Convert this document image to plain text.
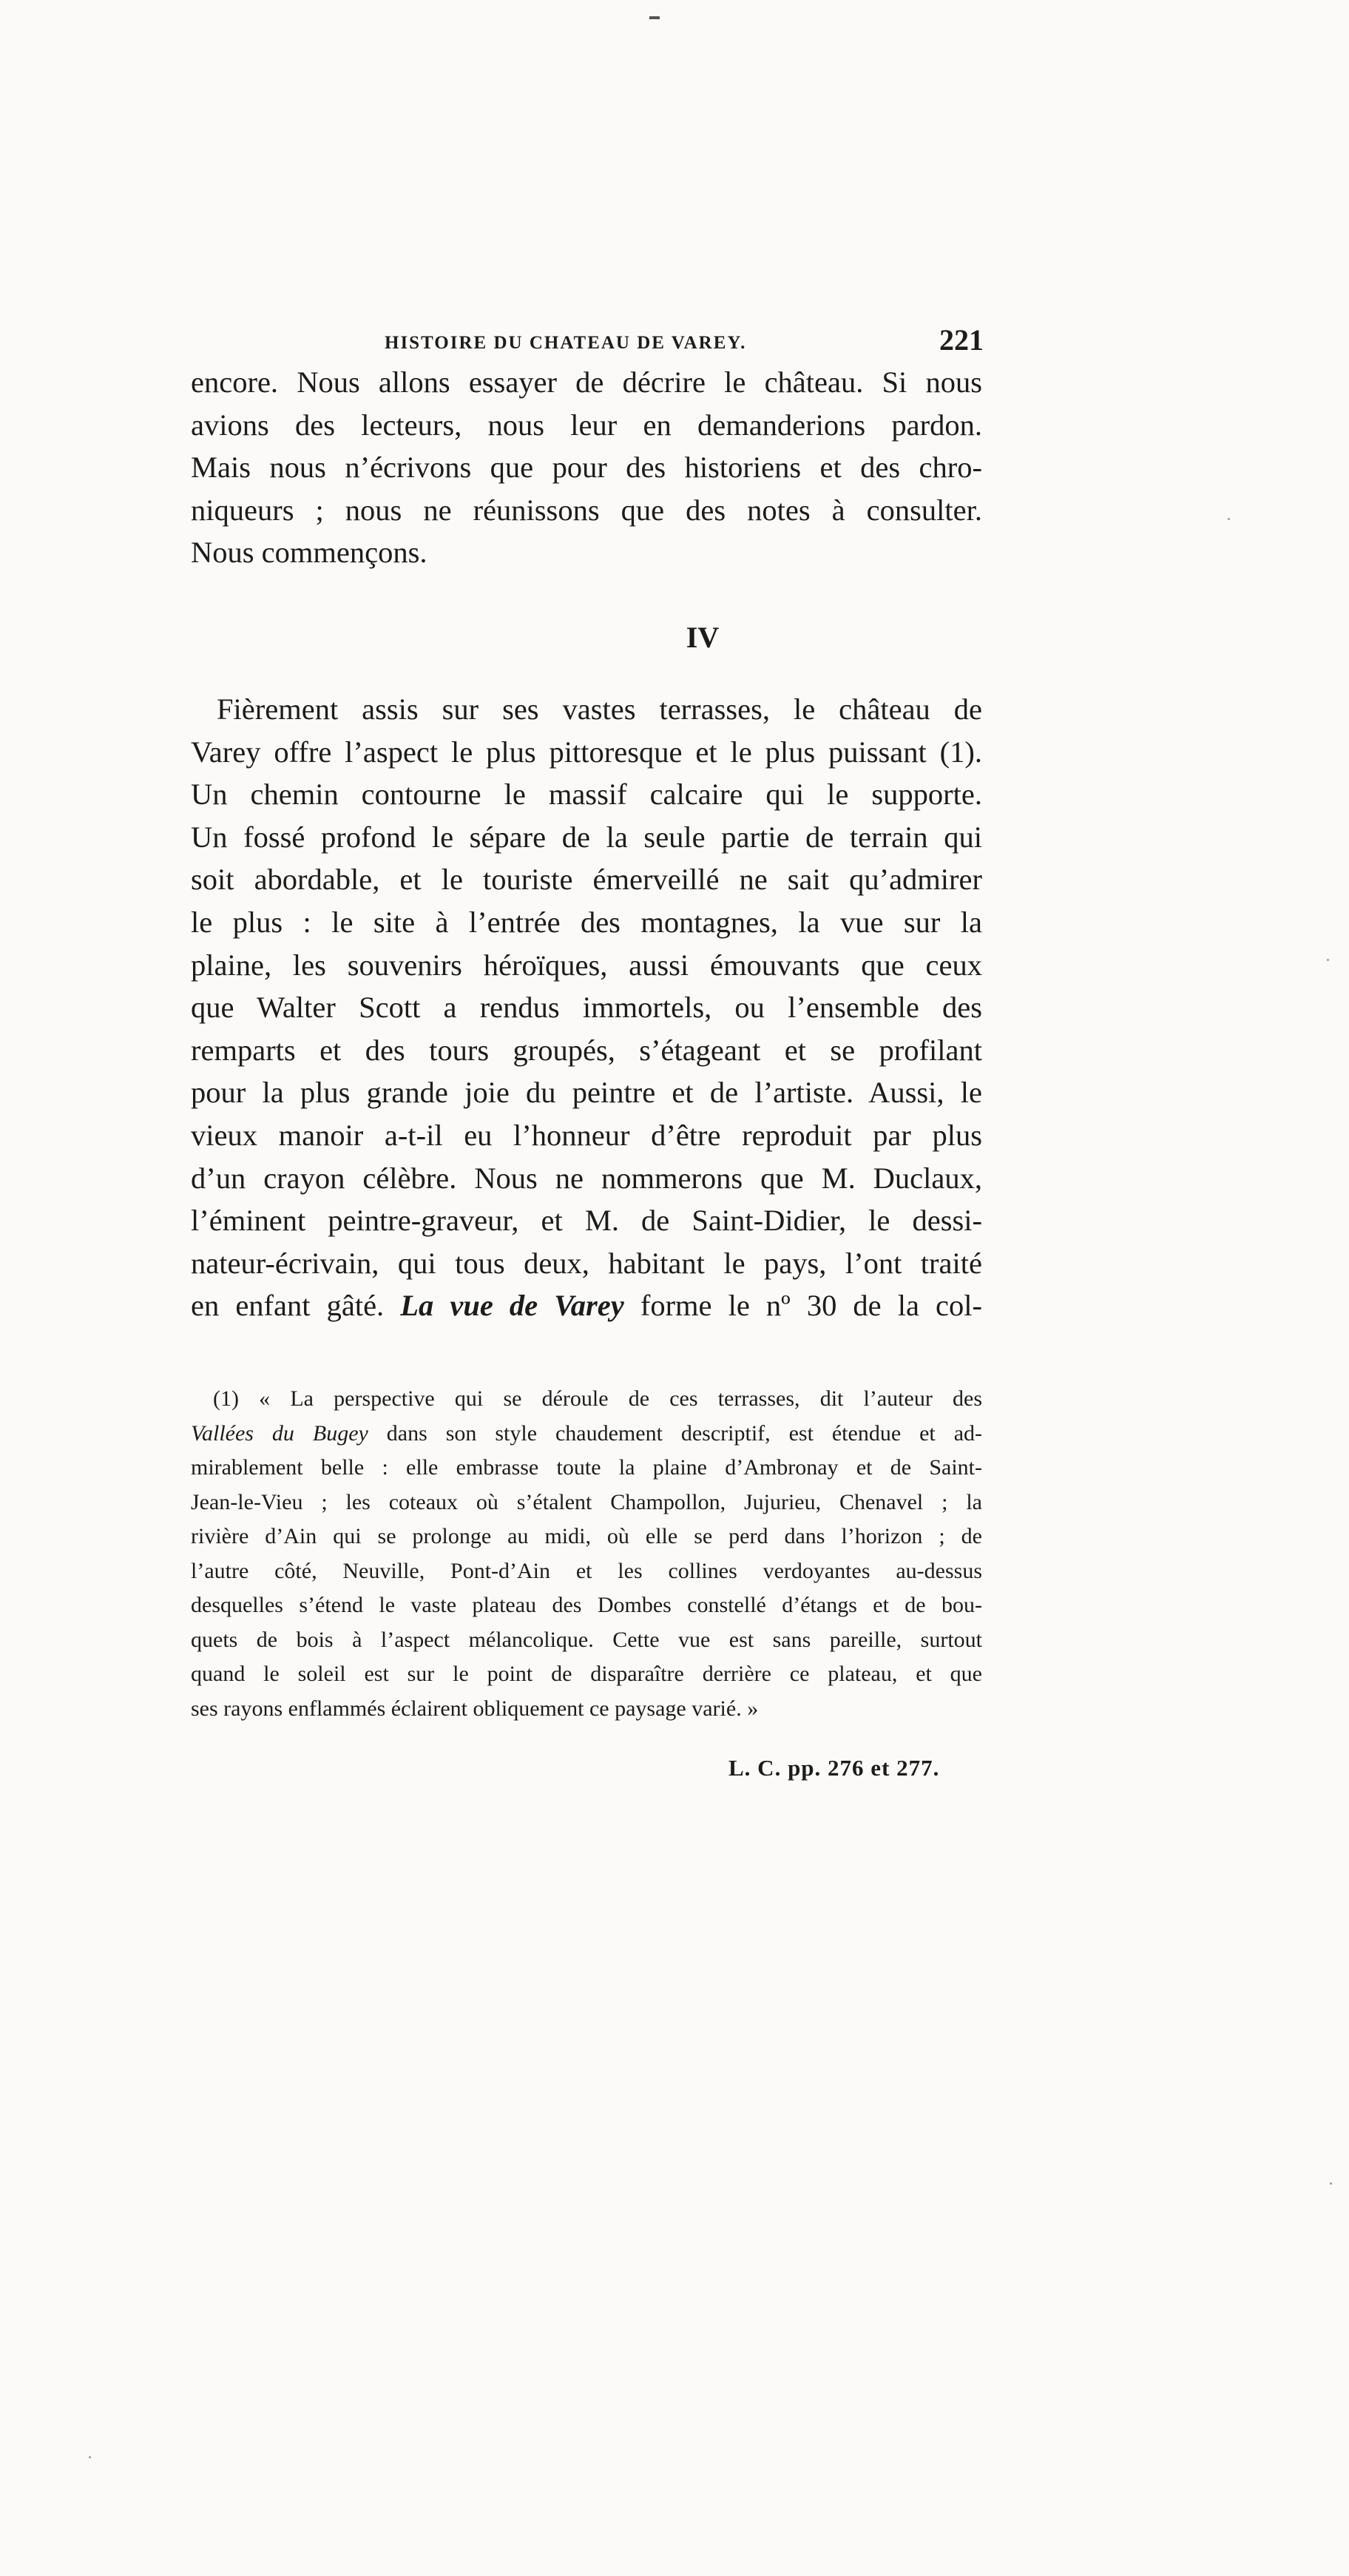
HISTOIRE DU CHATEAU DE VAREY.	221
encore. Nous allons essayer de décrire le château. Si nous
avions des lecteurs, nous leur en demanderions pardon.
Mais nous n’écrivons que pour des historiens et des chro-
niqueurs ; nous ne réunissons que des notes à consulter.
Nous commençons.
IV
Fièrement assis sur ses vastes terrasses, le château de
Varey offre l’aspect le plus pittoresque et le plus puissant (1).
Un chemin contourne le massif calcaire qui le supporte.
Un fossé profond le sépare de la seule partie de terrain qui
soit abordable, et le touriste émerveillé ne sait qu’admirer
le plus : le site à l’entrée des montagnes, la vue sur la
plaine, les souvenirs héroïques, aussi émouvants que ceux
que Walter Scott a rendus immortels, ou l’ensemble des
remparts et des tours groupés, s’étageant et se profilant
pour la plus grande joie du peintre et de l’artiste. Aussi, le
vieux manoir a-t-il eu l’honneur d’être reproduit par plus
d’un crayon célèbre. Nous ne nommerons que M. Duclaux,
l’éminent peintre-graveur, et M. de Saint-Didier, le dessi-
nateur-écrivain, qui tous deux, habitant le pays, l’ont traité
en enfant gâté. La vue de Varey forme le nº 30 de la col-
(1) « La perspective qui se déroule de ces terrasses, dit l’auteur des
Vallées du Bugey dans son style chaudement descriptif, est étendue et ad-
mirablement belle : elle embrasse toute la plaine d’Ambronay et de Saint-
Jean-le-Vieu ; les coteaux où s’étalent Champollon, Jujurieu, Chenavel ; la
rivière d’Ain qui se prolonge au midi, où elle se perd dans l’horizon ; de
l’autre côté, Neuville, Pont-d’Ain et les collines verdoyantes au-dessus
desquelles s’étend le vaste plateau des Dombes constellé d’étangs et de bou-
quets de bois à l’aspect mélancolique. Cette vue est sans pareille, surtout
quand le soleil est sur le point de disparaître derrière ce plateau, et que
ses rayons enflammés éclairent obliquement ce paysage varié. »
L. C. pp. 276 et 277.
